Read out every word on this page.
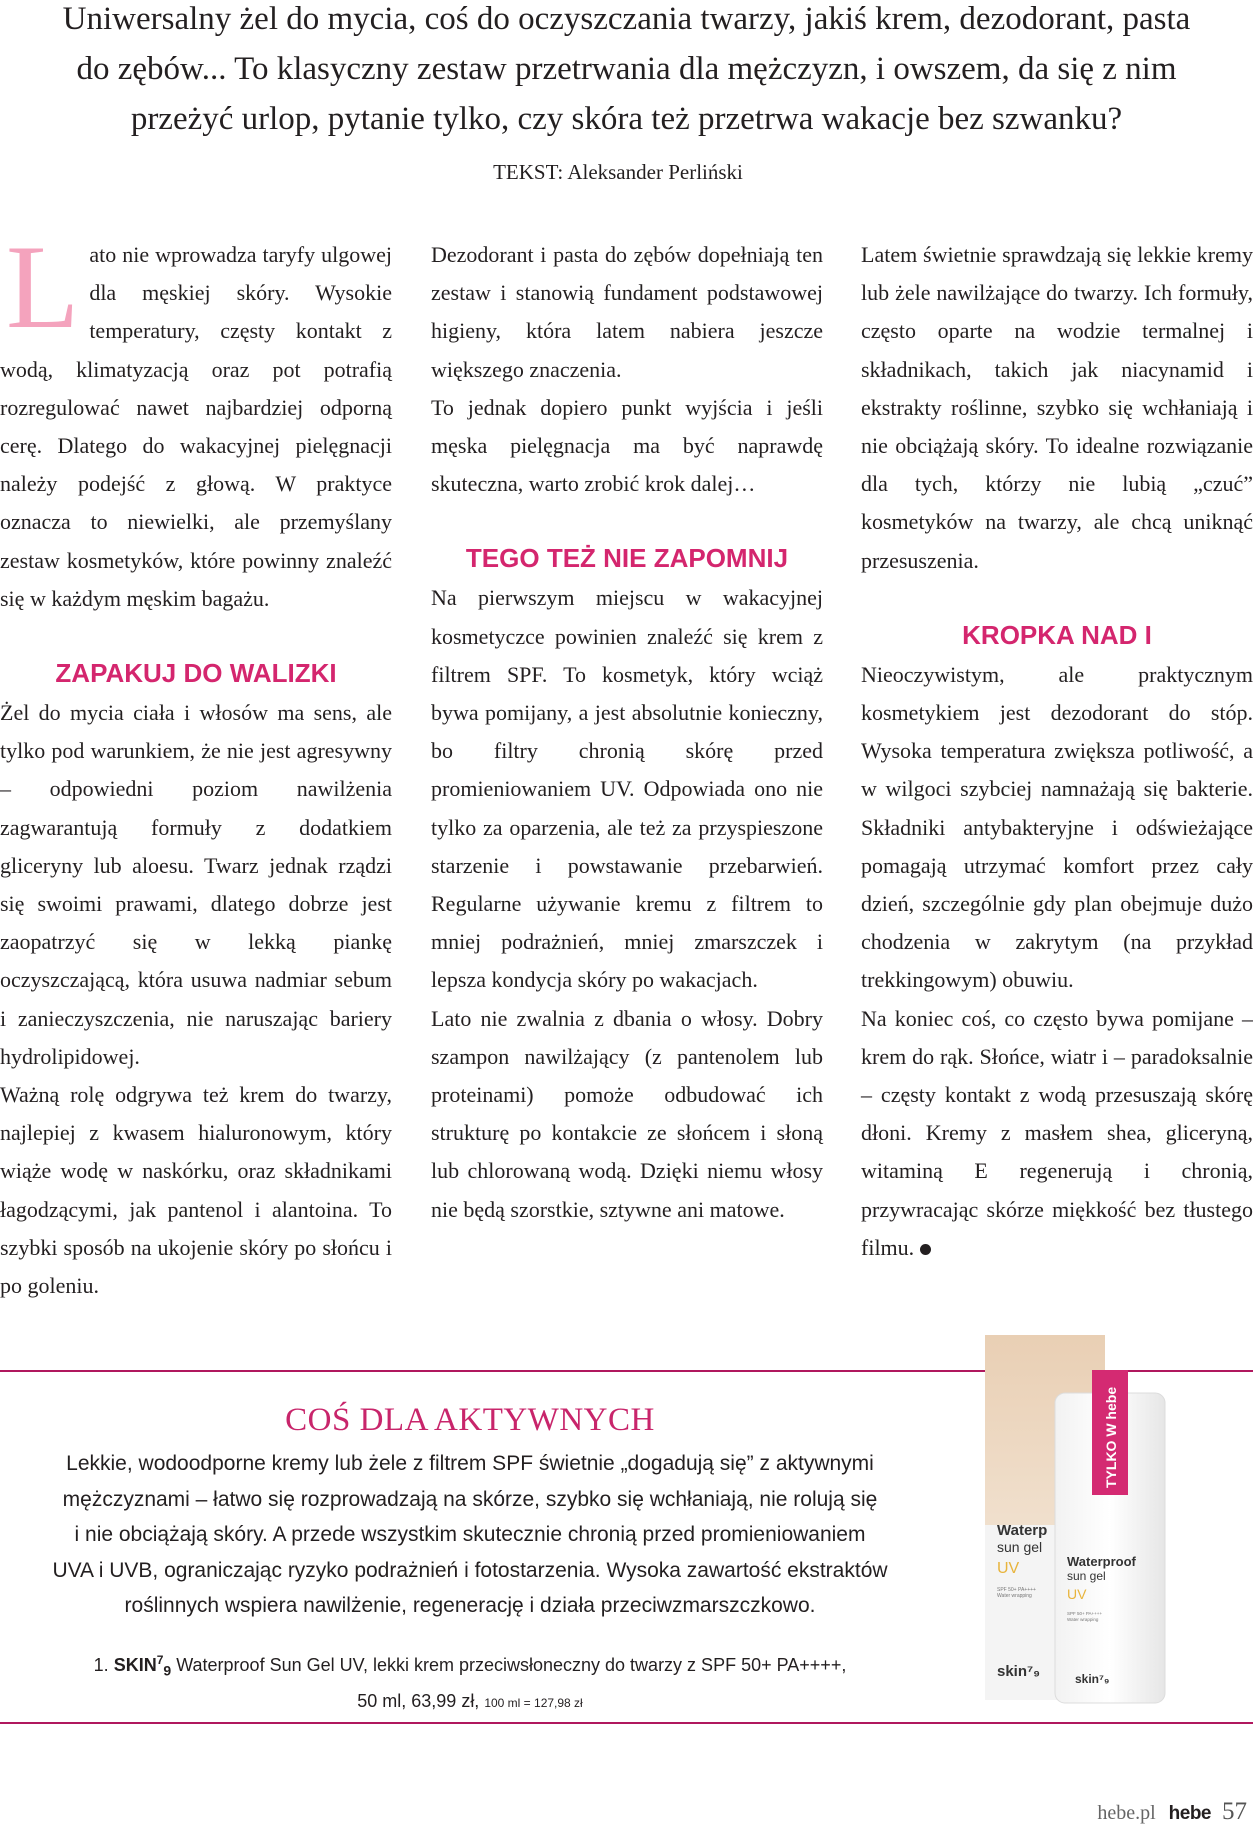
Uniwersalny żel do mycia, coś do oczyszczania twarzy, jakiś krem, dezodorant, pasta
do zębów... To klasyczny zestaw przetrwania dla mężczyzn, i owszem, da się z nim
przeżyć urlop, pytanie tylko, czy skóra też przetrwa wakacje bez szwanku?
TEKST: Aleksander Perliński

Lato nie wprowadza taryfy ulgowej dla męskiej skóry. Wysokie temperatury, częsty kontakt z wodą, klimatyzacją oraz pot potrafią rozregulować nawet najbardziej odporną cerę. Dlatego do wakacyjnej pielęgnacji należy podejść z głową. W praktyce oznacza to niewielki, ale przemyślany zestaw kosmetyków, które powinny znaleźć się w każdym męskim bagażu.

ZAPAKUJ DO WALIZKI

Żel do mycia ciała i włosów ma sens, ale tylko pod warunkiem, że nie jest agresywny – odpowiedni poziom nawilżenia zagwarantują formuły z dodatkiem gliceryny lub aloesu. Twarz jednak rządzi się swoimi prawami, dlatego dobrze jest zaopatrzyć się w lekką piankę oczyszczającą, która usuwa nadmiar sebum i zanieczyszczenia, nie naruszając bariery hydrolipidowej.

Ważną rolę odgrywa też krem do twarzy, najlepiej z kwasem hialuronowym, który wiąże wodę w naskórku, oraz składnikami łagodzącymi, jak pantenol i alantoina. To szybki sposób na ukojenie skóry po słońcu i po goleniu.

Dezodorant i pasta do zębów dopełniają ten zestaw i stanowią fundament podstawowej higieny, która latem nabiera jeszcze większego znaczenia.

To jednak dopiero punkt wyjścia i jeśli męska pielęgnacja ma być naprawdę skuteczna, warto zrobić krok dalej…

TEGO TEŻ NIE ZAPOMNIJ

Na pierwszym miejscu w wakacyjnej kosmetyczce powinien znaleźć się krem z filtrem SPF. To kosmetyk, który wciąż bywa pomijany, a jest absolutnie konieczny, bo filtry chronią skórę przed promieniowaniem UV. Odpowiada ono nie tylko za oparzenia, ale też za przyspieszone starzenie i powstawanie przebarwień. Regularne używanie kremu z filtrem to mniej podrażnień, mniej zmarszczek i lepsza kondycja skóry po wakacjach.

Lato nie zwalnia z dbania o włosy. Dobry szampon nawilżający (z pantenolem lub proteinami) pomoże odbudować ich strukturę po kontakcie ze słońcem i słoną lub chlorowaną wodą. Dzięki niemu włosy nie będą szorstkie, sztywne ani matowe.

Latem świetnie sprawdzają się lekkie kremy lub żele nawilżające do twarzy. Ich formuły, często oparte na wodzie termalnej i składnikach, takich jak niacynamid i ekstrakty roślinne, szybko się wchłaniają i nie obciążają skóry. To idealne rozwiązanie dla tych, którzy nie lubią „czuć” kosmetyków na twarzy, ale chcą uniknąć przesuszenia.

KROPKA NAD I

Nieoczywistym, ale praktycznym kosmetykiem jest dezodorant do stóp. Wysoka temperatura zwiększa potliwość, a w wilgoci szybciej namnażają się bakterie. Składniki antybakteryjne i odświeżające pomagają utrzymać komfort przez cały dzień, szczególnie gdy plan obejmuje dużo chodzenia w zakrytym (na przykład trekkingowym) obuwiu.

Na koniec coś, co często bywa pomijane – krem do rąk. Słońce, wiatr i – paradoksalnie – częsty kontakt z wodą przesuszają skórę dłoni. Kremy z masłem shea, gliceryną, witaminą E regenerują i chronią, przywracając skórze miękkość bez tłustego filmu.

COŚ DLA AKTYWNYCH
Lekkie, wodoodporne kremy lub żele z filtrem SPF świetnie „dogadują się” z aktywnymi
mężczyznami – łatwo się rozprowadzają na skórze, szybko się wchłaniają, nie rolują się
i nie obciążają skóry. A przede wszystkim skutecznie chronią przed promieniowaniem
UVA i UVB, ograniczając ryzyko podrażnień i fotostarzenia. Wysoka zawartość ekstraktów
roślinnych wspiera nawilżenie, regenerację i działa przeciwzmarszczkowo.
1. $SKIN^7_9$ Waterproof Sun Gel UV, lekki krem przeciwsłoneczny do twarzy z SPF 50+ PA++++,
50 ml, 63,99 zł, 100 ml = 127,98 zł
Waterp
sun gel
UV
SPF 50+ PA++++
Water wrapping
skin⁷₉
TYLKO W hebe
Waterproof
sun gel
UV
SPF 50+ PA++++
Water wrapping
skin⁷₉
hebe.pl hebe 57
